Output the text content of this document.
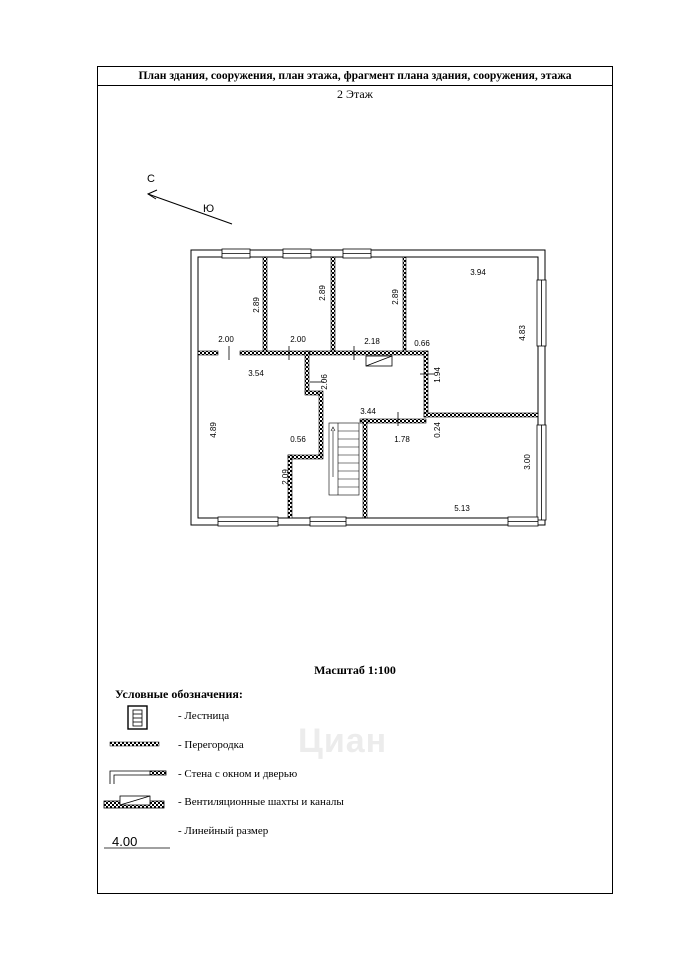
С
Ю
2.89
2.89	2.89
3.94
4.83
2.00	2.00	2.18	0.66
3.54
2.06	1.94
4.89
3.44
1.78
0.24
3.00
0.56
2.09
5.13
4.00
План здания, сооружения, план этажа, фрагмент плана здания, сооружения, этажа
2 Этаж
Масштаб 1:100
Условные обозначения:
- Лестница
- Перегородка
- Стена с окном и дверью
- Вентиляционные шахты и каналы
- Линейный размер
Циан
